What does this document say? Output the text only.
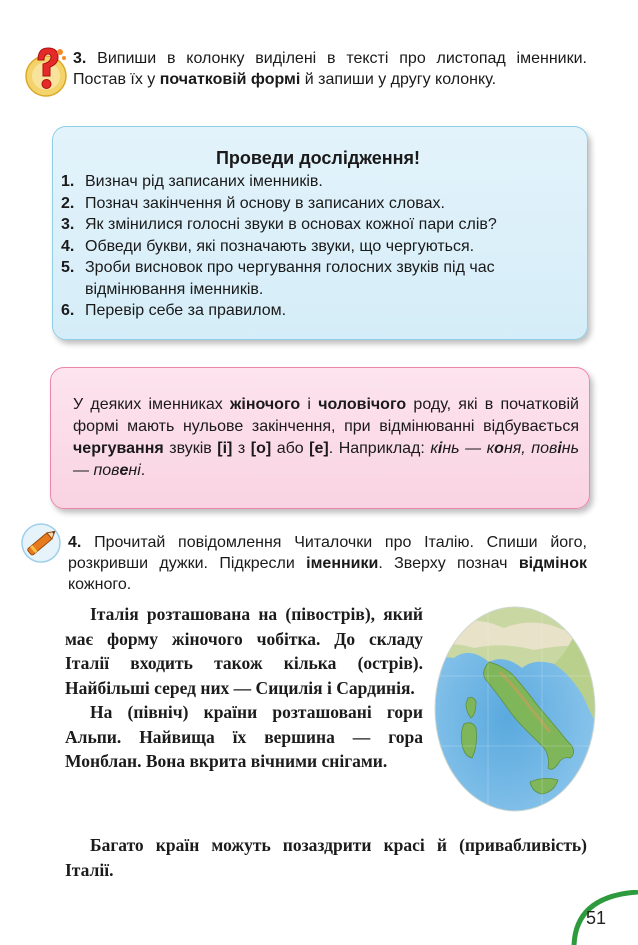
3. Випиши в колонку виділені в тексті про листопад іменники. Постав їх у початковій формі й запиши у другу колонку.
Проведи дослідження!
1. Визнач рід записаних іменників.
2. Познач закінчення й основу в записаних словах.
3. Як змінилися голосні звуки в основах кожної пари слів?
4. Обведи букви, які позначають звуки, що чергуються.
5. Зроби висновок про чергування голосних звуків під час відмінювання іменників.
6. Перевір себе за правилом.
У деяких іменниках жіночого і чоловічого роду, які в початковій формі мають нульове закінчення, при відмінюванні відбувається чергування звуків [і] з [о] або [е]. Наприклад: кінь — коня, повінь — повені.
4. Прочитай повідомлення Читалочки про Італію. Спиши його, розкривши дужки. Підкресли іменники. Зверху познач відмінок кожного.

Італія розташована на (півострів), який має форму жіночого чобітка. До складу Італії входить також кілька (острів). Найбільші серед них — Сицилія і Сардинія.

На (північ) країни розташовані гори Альпи. Найвища їх вершина — гора Монблан. Вона вкрита вічними снігами.

Багато країн можуть позаздрити красі й (привабливість) Італії.

51
